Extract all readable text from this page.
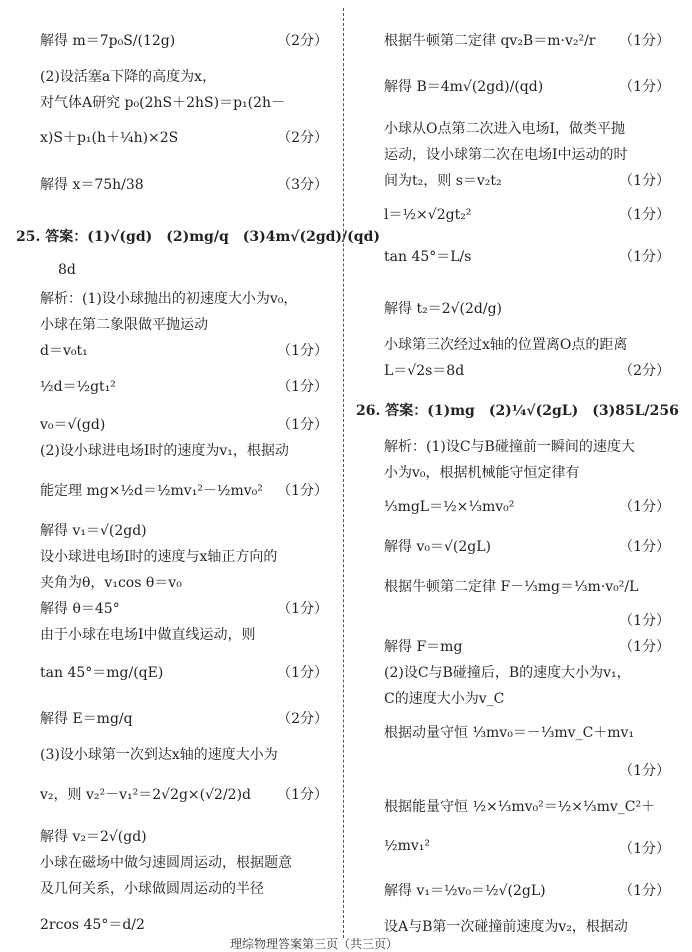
解得 m＝7p₀S/(12g)	（2分）
(2)设活塞a下降的高度为x，
对气体A研究 p₀(2hS＋2hS)＝p₁(2h－
x)S＋p₁(h＋¼h)×2S	（2分）
解得 x＝75h/38	（3分）
25. 答案：(1)√(gd)　(2)mg/q　(3)4m√(2gd)/(qd)
8d
解析：(1)设小球抛出的初速度大小为v₀，
小球在第二象限做平抛运动
d＝v₀t₁	（1分）
½d＝½gt₁²	（1分）
v₀＝√(gd)	（1分）
(2)设小球进电场Ⅰ时的速度为v₁，根据动
能定理 mg×½d＝½mv₁²－½mv₀²	（1分）
解得 v₁＝√(2gd)
设小球进电场Ⅰ时的速度与x轴正方向的
夹角为θ，v₁cos θ＝v₀
解得 θ＝45°	（1分）
由于小球在电场Ⅰ中做直线运动，则
tan 45°＝mg/(qE)	（1分）
解得 E＝mg/q	（2分）
(3)设小球第一次到达x轴的速度大小为
v₂，则 v₂²－v₁²＝2√2g×(√2/2)d	（1分）
解得 v₂＝2√(gd)
小球在磁场中做匀速圆周运动，根据题意
及几何关系，小球做圆周运动的半径
2rcos 45°＝d/2
根据牛顿第二定律 qv₂B＝m·v₂²/r	（1分）
解得 B＝4m√(2gd)/(qd)	（1分）
小球从O点第二次进入电场Ⅰ，做类平抛
运动，设小球第二次在电场Ⅰ中运动的时
间为t₂，则 s＝v₂t₂	（1分）
l＝½×√2gt₂²	（1分）
tan 45°＝L/s	（1分）
解得 t₂＝2√(2d/g)
小球第三次经过x轴的位置离O点的距离
L＝√2s＝8d	（2分）
26. 答案：(1)mg　(2)¼√(2gL)　(3)85L/256
解析：(1)设C与B碰撞前一瞬间的速度大
小为v₀，根据机械能守恒定律有
⅓mgL＝½×⅓mv₀²	（1分）
解得 v₀＝√(2gL)	（1分）
根据牛顿第二定律 F－⅓mg＝⅓m·v₀²/L
（1分）
解得 F＝mg	（1分）
(2)设C与B碰撞后，B的速度大小为v₁，
C的速度大小为v_C
根据动量守恒 ⅓mv₀＝－⅓mv_C＋mv₁
（1分）
根据能量守恒 ½×⅓mv₀²＝½×⅓mv_C²＋
½mv₁²	（1分）
解得 v₁＝½v₀＝½√(2gL)	（1分）
设A与B第一次碰撞前速度为v₂，根据动
理综物理答案第三页（共三页）
